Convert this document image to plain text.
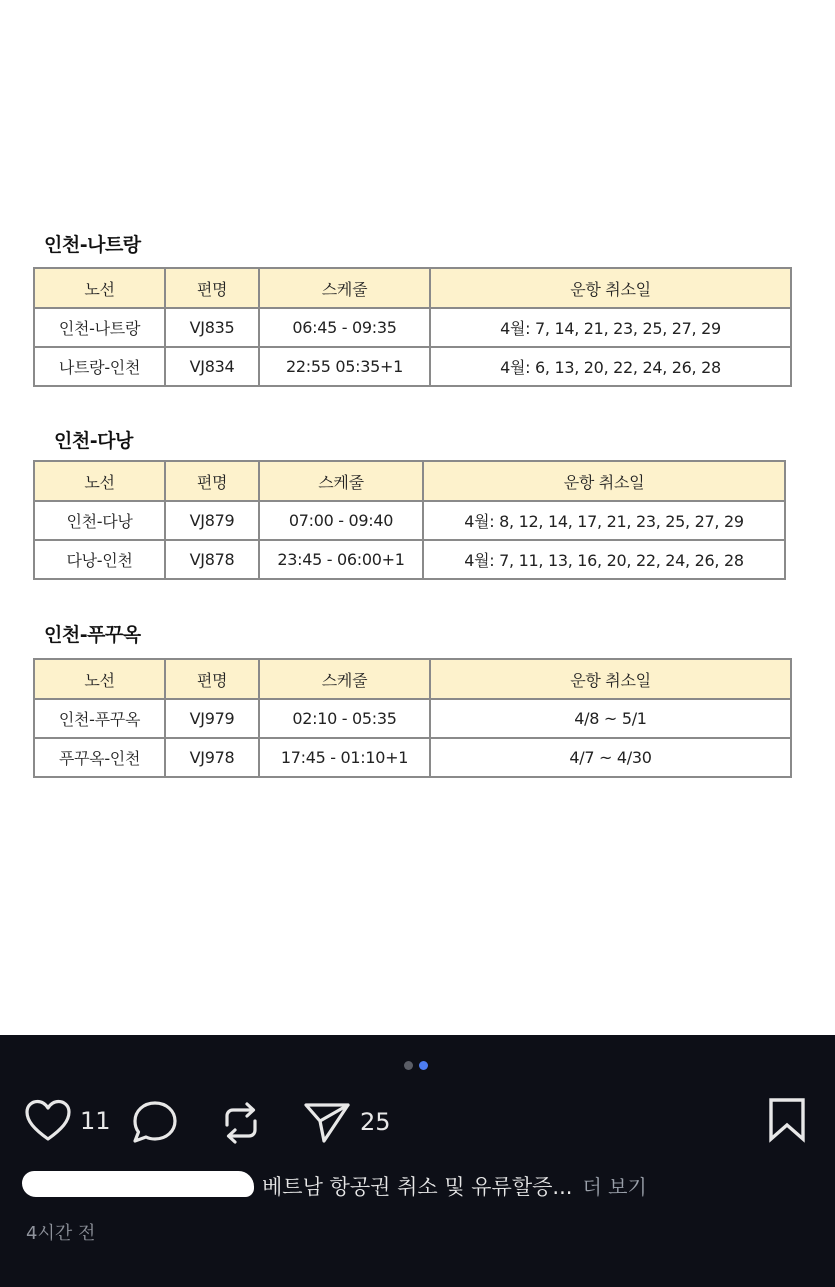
인천-나트랑
노선	편명	스케줄	운항 취소일
인천-나트랑	VJ835	06:45 - 09:35	4월: 7, 14, 21, 23, 25, 27, 29
나트랑-인천	VJ834	22:55 05:35+1	4월: 6, 13, 20, 22, 24, 26, 28
인천-다낭
노선	편명	스케줄	운항 취소일
인천-다낭	VJ879	07:00 - 09:40	4월: 8, 12, 14, 17, 21, 23, 25, 27, 29
다낭-인천	VJ878	23:45 - 06:00+1	4월: 7, 11, 13, 16, 20, 22, 24, 26, 28
인천-푸꾸옥
노선	편명	스케줄	운항 취소일
인천-푸꾸옥	VJ979	02:10 - 05:35	4/8 ~ 5/1
푸꾸옥-인천	VJ978	17:45 - 01:10+1	4/7 ~ 4/30
11	25
베트남 항공권 취소 및 유류할증... 더 보기
4시간 전
